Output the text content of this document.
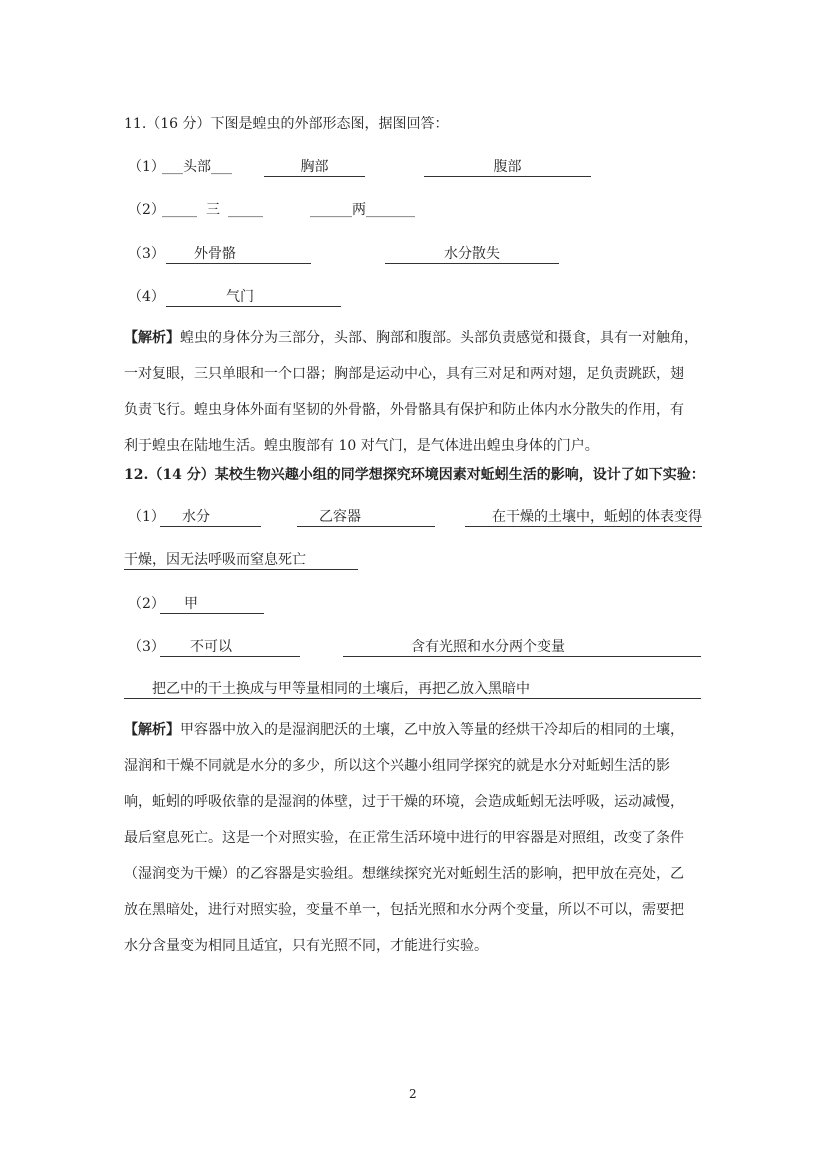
11.（16 分）下图是蝗虫的外部形态图，据图回答：
（1）
___头部___	胸部	腹部
（2）
_____ 三 _____	______两_______
（3）	外骨骼	水分散失
（4）	气门
【解析】蝗虫的身体分为三部分，头部、胸部和腹部。头部负责感觉和摄食，具有一对触角，
一对复眼，三只单眼和一个口器；胸部是运动中心，具有三对足和两对翅，足负责跳跃，翅
负责飞行。蝗虫身体外面有坚韧的外骨骼，外骨骼具有保护和防止体内水分散失的作用，有
利于蝗虫在陆地生活。蝗虫腹部有 10 对气门，是气体进出蝗虫身体的门户。
12.（14 分）某校生物兴趣小组的同学想探究环境因素对蚯蚓生活的影响，设计了如下实验：
（1）	水分	乙容器	在干燥的土壤中，蚯蚓的体表变得
干燥，因无法呼吸而窒息死亡
（2）	甲
（3）	不可以	含有光照和水分两个变量
把乙中的干土换成与甲等量相同的土壤后，再把乙放入黑暗中
【解析】甲容器中放入的是湿润肥沃的土壤，乙中放入等量的经烘干冷却后的相同的土壤，
湿润和干燥不同就是水分的多少，所以这个兴趣小组同学探究的就是水分对蚯蚓生活的影
响，蚯蚓的呼吸依靠的是湿润的体壁，过于干燥的环境，会造成蚯蚓无法呼吸，运动减慢，
最后窒息死亡。这是一个对照实验，在正常生活环境中进行的甲容器是对照组，改变了条件
（湿润变为干燥）的乙容器是实验组。想继续探究光对蚯蚓生活的影响，把甲放在亮处，乙
放在黑暗处，进行对照实验，变量不单一，包括光照和水分两个变量，所以不可以，需要把
水分含量变为相同且适宜，只有光照不同，才能进行实验。
2
